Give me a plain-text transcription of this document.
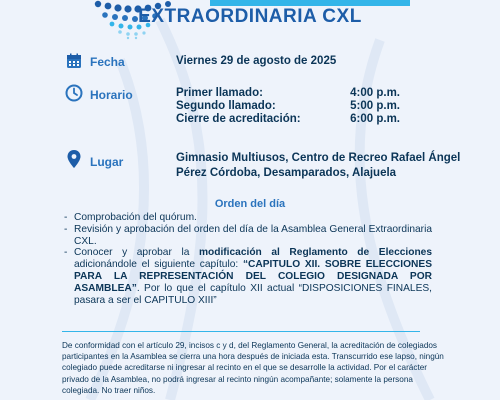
EXTRAORDINARIA CXL
Fecha	Viernes 29 de agosto de 2025
Horario	Primer llamado:	4:00 p.m.
Segundo llamado:	5:00 p.m.
Cierre de acreditación:	6:00 p.m.
Lugar	Gimnasio Multiusos, Centro de Recreo Rafael Ángel Pérez Córdoba, Desamparados, Alajuela
Orden del día
- Comprobación del quórum.
- Revisión y aprobación del orden del día de la Asamblea General Extraordinaria CXL.
- Conocer y aprobar la modificación al Reglamento de Elecciones adicionándole el siguiente capítulo: “CAPITULO XII. SOBRE ELECCIONES PARA LA REPRESENTACIÓN DEL COLEGIO DESIGNADA POR ASAMBLEA”. Por lo que el capítulo XII actual “DISPOSICIONES FINALES, pasara a ser el CAPITULO XIII”
De conformidad con el artículo 29, incisos c y d, del Reglamento General, la acreditación de colegiados participantes en la Asamblea se cierra una hora después de iniciada esta. Transcurrido ese lapso, ningún colegiado puede acreditarse ni ingresar al recinto en el que se desarrolle la actividad. Por el carácter privado de la Asamblea, no podrá ingresar al recinto ningún acompañante; solamente la persona colegiada. No traer niños.
